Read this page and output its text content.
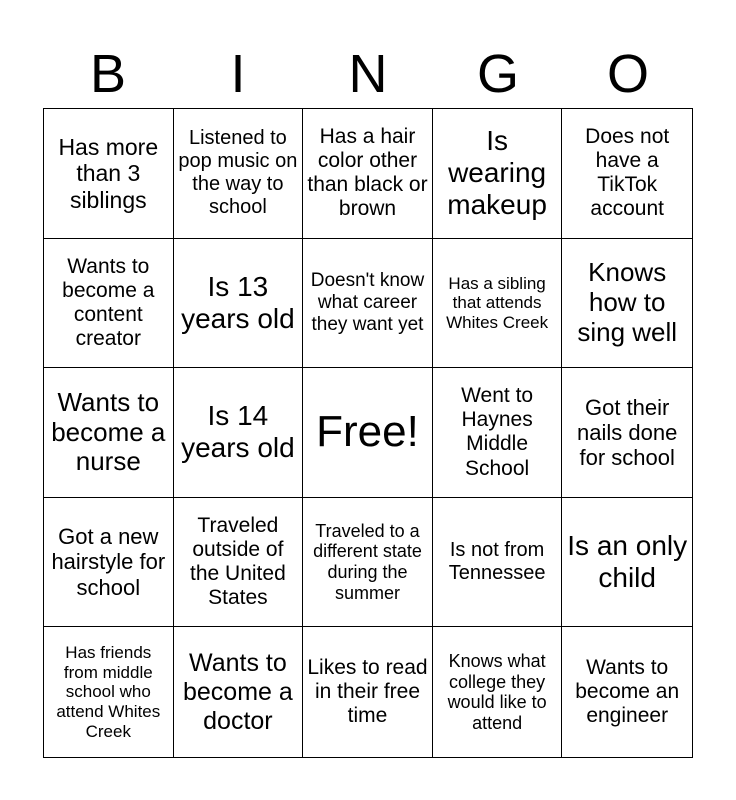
B	I	N	G	O
Has more than 3 siblings
Listened to pop music on the way to school
Has a hair color other than black or brown
Is wearing makeup
Does not have a TikTok account
Wants to become a content creator
Is 13 years old
Doesn't know what career they want yet
Has a sibling that attends Whites Creek
Knows how to sing well
Wants to become a nurse
Is 14 years old Free!
Went to Haynes Middle School
Got their nails done for school
Got a new hairstyle for school
Traveled outside of the United States
Traveled to a different state during the summer
Is not from Tennessee
Is an only child
Has friends from middle school who attend Whites Creek
Wants to become a doctor
Likes to read in their free time
Knows what college they would like to attend
Wants to become an engineer
